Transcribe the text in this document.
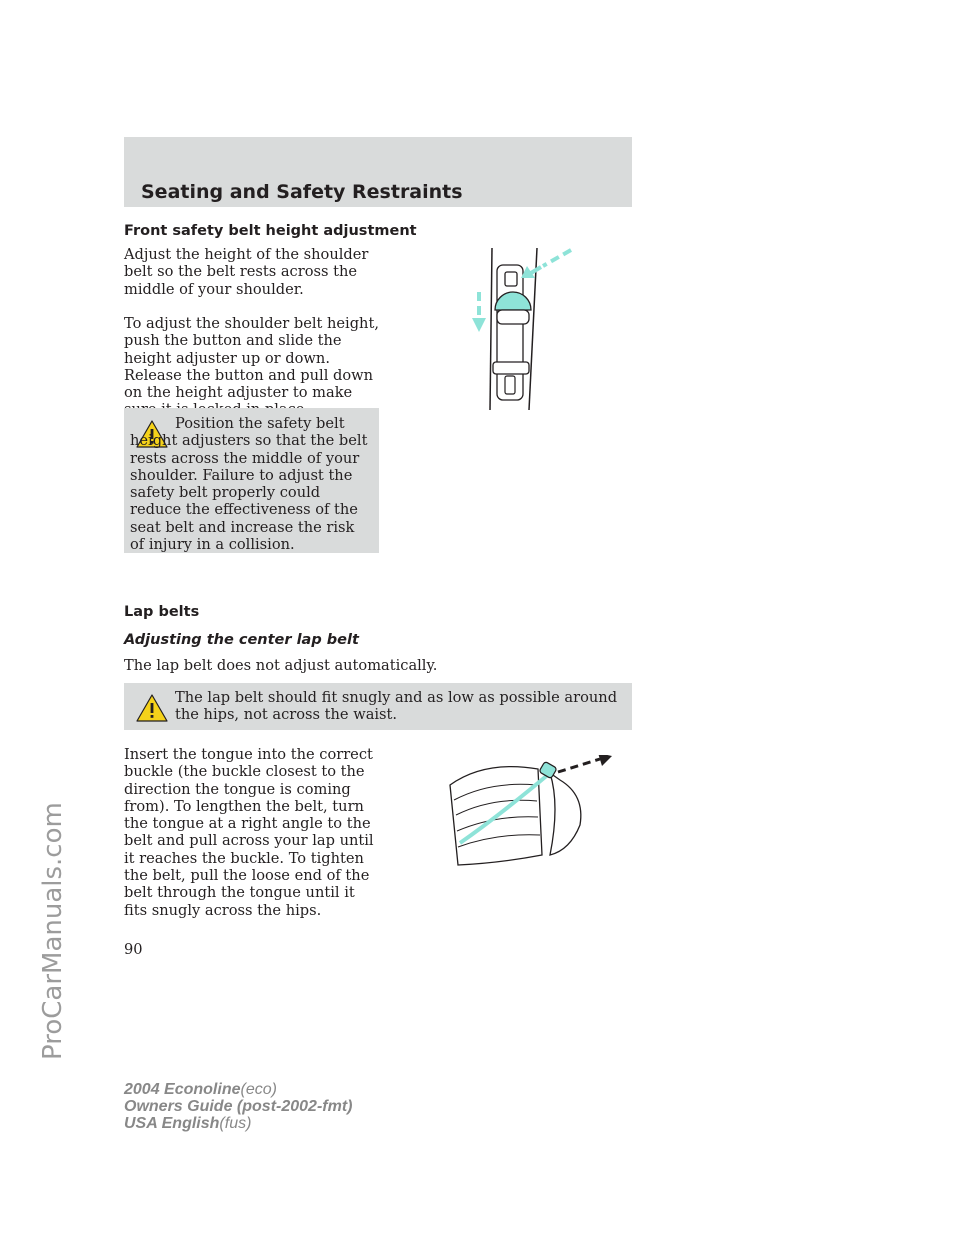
Seating and Safety Restraints
Front safety belt height adjustment

Adjust the height of the shoulder belt so the belt rests across the middle of your shoulder.

To adjust the shoulder belt height, push the button and slide the height adjuster up or down. Release the button and pull down on the height adjuster to make

Position the safety belt height adjusters so that the belt rests across the middle of your shoulder. Failure to adjust the safety belt properly could reduce the effectiveness of the seat belt and increase the risk of injury in a collision.

Lap belts
Adjusting the center lap belt

The lap belt does not adjust automatically.

The lap belt should fit snugly and as low as possible around the hips, not across the waist.

Insert the tongue into the correct buckle (the buckle closest to the direction the tongue is coming from). To lengthen the belt, turn the tongue at a right angle to the belt and pull across your lap until it reaches the buckle. To tighten the belt, pull the loose end of the belt through the tongue until it fits snugly across the hips.

90
2004 Econoline(eco)
Owners Guide (post-2002-fmt)
USA English(fus)
ProCarManuals.com
